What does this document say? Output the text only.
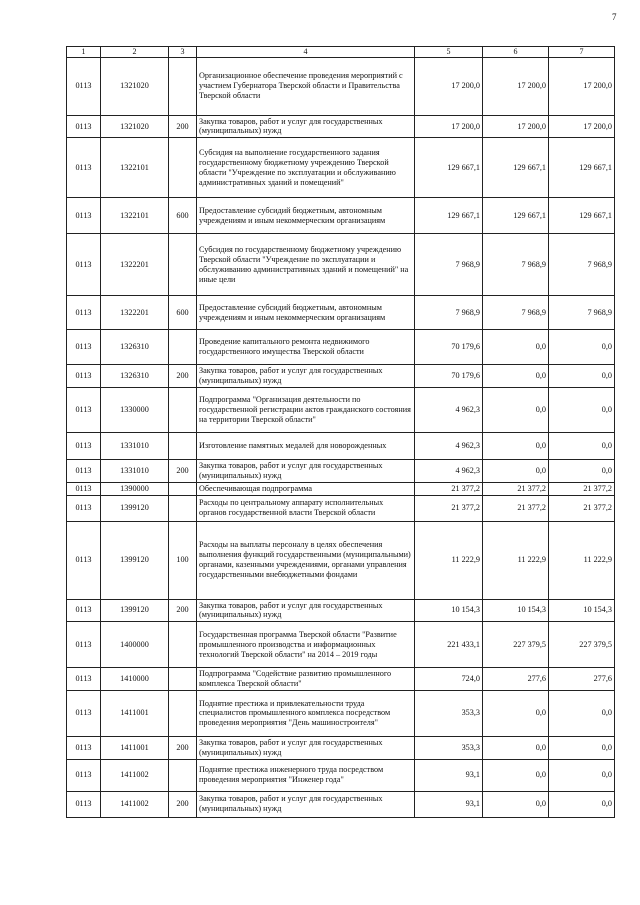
7
1	2	3	4	5	6	7
0113	1321020		Организационное обеспечение проведения мероприятий с участием Губернатора Тверской области и Правительства Тверской области	17 200,0	17 200,0	17 200,0
0113	1321020	200	Закупка товаров, работ и услуг для государственных (муниципальных) нужд	17 200,0	17 200,0	17 200,0
0113	1322101		Субсидия на выполнение государственного задания государственному бюджетному учреждению Тверской области "Учреждение по эксплуатации и обслуживанию административных зданий и помещений"	129 667,1	129 667,1	129 667,1
0113	1322101	600	Предоставление субсидий бюджетным, автономным учреждениям и иным некоммерческим организациям	129 667,1	129 667,1	129 667,1
0113	1322201		Субсидия по государственному бюджетному учреждению Тверской области "Учреждение по эксплуатации и обслуживанию административных зданий и помещений" на иные цели	7 968,9	7 968,9	7 968,9
0113	1322201	600	Предоставление субсидий бюджетным, автономным учреждениям и иным некоммерческим организациям	7 968,9	7 968,9	7 968,9
0113	1326310		Проведение капитального ремонта недвижимого государственного имущества Тверской области	70 179,6	0,0	0,0
0113	1326310	200	Закупка товаров, работ и услуг для государственных (муниципальных) нужд	70 179,6	0,0	0,0
0113	1330000		Подпрограмма "Организация деятельности по государственной регистрации актов гражданского состояния на территории Тверской области"	4 962,3	0,0	0,0
0113	1331010		Изготовление памятных медалей для новорожденных	4 962,3	0,0	0,0
0113	1331010	200	Закупка товаров, работ и услуг для государственных (муниципальных) нужд	4 962,3	0,0	0,0
0113	1390000		Обеспечивающая подпрограмма	21 377,2	21 377,2	21 377,2
0113	1399120		Расходы по центральному аппарату исполнительных органов государственной власти Тверской области	21 377,2	21 377,2	21 377,2
0113	1399120	100	Расходы на выплаты персоналу в целях обеспечения выполнения функций государственными (муниципальными) органами, казенными учреждениями, органами управления государственными внебюджетными фондами	11 222,9	11 222,9	11 222,9
0113	1399120	200	Закупка товаров, работ и услуг для государственных (муниципальных) нужд	10 154,3	10 154,3	10 154,3
0113	1400000		Государственная программа Тверской области "Развитие промышленного производства и информационных технологий Тверской области" на 2014 – 2019 годы	221 433,1	227 379,5	227 379,5
0113	1410000		Подпрограмма "Содействие развитию промышленного комплекса Тверской области"	724,0	277,6	277,6
0113	1411001		Поднятие престижа и привлекательности труда специалистов промышленного комплекса посредством проведения мероприятия "День машиностроителя"	353,3	0,0	0,0
0113	1411001	200	Закупка товаров, работ и услуг для государственных (муниципальных) нужд	353,3	0,0	0,0
0113	1411002		Поднятие престижа инженерного труда посредством проведения мероприятия "Инженер года"	93,1	0,0	0,0
0113	1411002	200	Закупка товаров, работ и услуг для государственных (муниципальных) нужд	93,1	0,0	0,0
